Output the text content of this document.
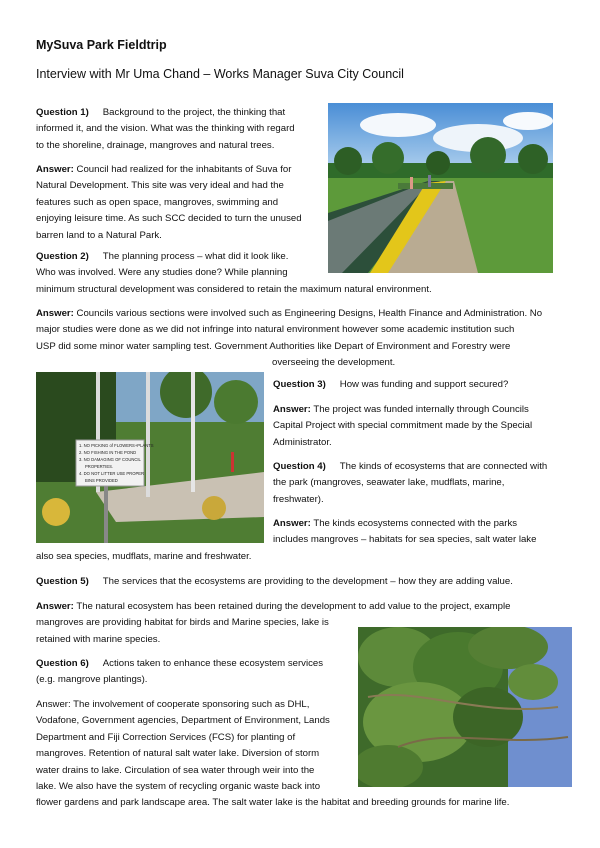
MySuva Park Fieldtrip
Interview with Mr Uma Chand – Works Manager Suva City Council
Question 1) Background to the project, the thinking that
informed it, and the vision. What was the thinking with regard
to the shoreline, drainage, mangroves and natural trees.
Answer: Council had realized for the inhabitants of Suva for
Natural Development. This site was very ideal and had the
features such as open space, mangroves, swimming and
enjoying leisure time. As such SCC decided to turn the unused
barren land to a Natural Park.
Question 2) The planning process – what did it look like.
Who was involved. Were any studies done? While planning
minimum structural development was considered to retain the maximum natural environment.
Answer: Councils various sections were involved such as Engineering Designs, Health Finance and Administration. No
major studies were done as we did not infringe into natural environment however some academic institution such
USP did some minor water sampling test. Government Authorities like Depart of Environment and Forestry were
overseeing the development.
Question 3) How was funding and support secured?
Answer: The project was funded internally through Councils
Capital Project with special commitment made by the Special
Administrator.
Question 4) The kinds of ecosystems that are connected with
the park (mangroves, seawater lake, mudflats, marine,
freshwater).
Answer: The kinds ecosystems connected with the parks
includes mangroves – habitats for sea species, salt water lake
also sea species, mudflats, marine and freshwater.
Question 5) The services that the ecosystems are providing to the development – how they are adding value.
Answer: The natural ecosystem has been retained during the development to add value to the project, example
mangroves are providing habitat for birds and Marine species, lake is
retained with marine species.
Question 6) Actions taken to enhance these ecosystem services
(e.g. mangrove plantings).
Answer: The involvement of cooperate sponsoring such as DHL,
Vodafone, Government agencies, Department of Environment, Lands
Department and Fiji Correction Services (FCS) for planting of
mangroves. Retention of natural salt water lake. Diversion of storm
water drains to lake. Circulation of sea water through weir into the
lake. We also have the system of recycling organic waste back into
flower gardens and park landscape area. The salt water lake is the habitat and breeding grounds for marine life.
1. NO PICKING of FLOWERS+PLANTS
2. NO FISHING IN THE POND
3. NO DAMAGING OF COUNCIL
PROPERTIES.
4. DO NOT LITTER USE PROPER
BINS PROVIDED
